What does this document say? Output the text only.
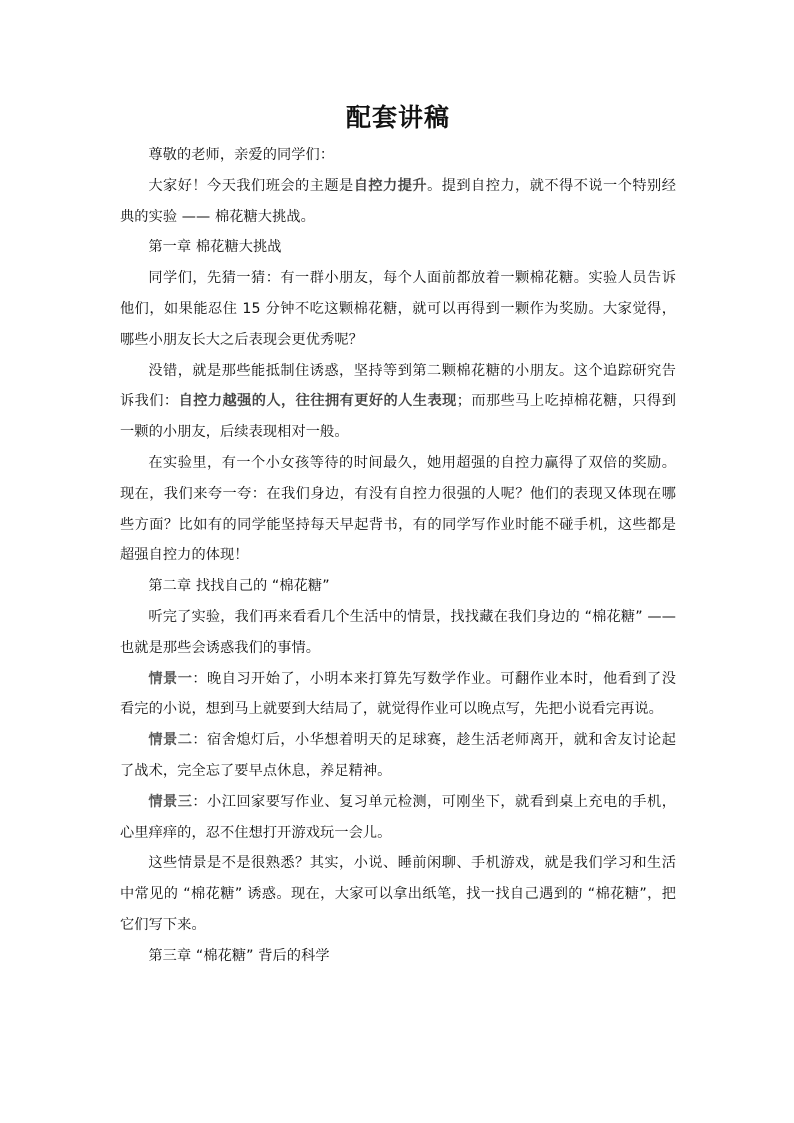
配套讲稿

尊敬的老师，亲爱的同学们：

大家好！今天我们班会的主题是自控力提升。提到自控力，就不得不说一个特别经典的实验 —— 棉花糖大挑战。

第一章 棉花糖大挑战

同学们，先猜一猜：有一群小朋友，每个人面前都放着一颗棉花糖。实验人员告诉他们，如果能忍住 15 分钟不吃这颗棉花糖，就可以再得到一颗作为奖励。大家觉得，哪些小朋友长大之后表现会更优秀呢？

没错，就是那些能抵制住诱惑，坚持等到第二颗棉花糖的小朋友。这个追踪研究告诉我们：自控力越强的人，往往拥有更好的人生表现；而那些马上吃掉棉花糖，只得到一颗的小朋友，后续表现相对一般。

在实验里，有一个小女孩等待的时间最久，她用超强的自控力赢得了双倍的奖励。现在，我们来夸一夸：在我们身边，有没有自控力很强的人呢？他们的表现又体现在哪些方面？比如有的同学能坚持每天早起背书，有的同学写作业时能不碰手机，这些都是超强自控力的体现！

第二章 找找自己的 “棉花糖”

听完了实验，我们再来看看几个生活中的情景，找找藏在我们身边的 “棉花糖” —— 也就是那些会诱惑我们的事情。

情景一：晚自习开始了，小明本来打算先写数学作业。可翻作业本时，他看到了没看完的小说，想到马上就要到大结局了，就觉得作业可以晚点写，先把小说看完再说。

情景二：宿舍熄灯后，小华想着明天的足球赛，趁生活老师离开，就和舍友讨论起了战术，完全忘了要早点休息，养足精神。

情景三：小江回家要写作业、复习单元检测，可刚坐下，就看到桌上充电的手机，心里痒痒的，忍不住想打开游戏玩一会儿。

这些情景是不是很熟悉？其实，小说、睡前闲聊、手机游戏，就是我们学习和生活中常见的 “棉花糖” 诱惑。现在，大家可以拿出纸笔，找一找自己遇到的 “棉花糖”，把它们写下来。

第三章 “棉花糖” 背后的科学
